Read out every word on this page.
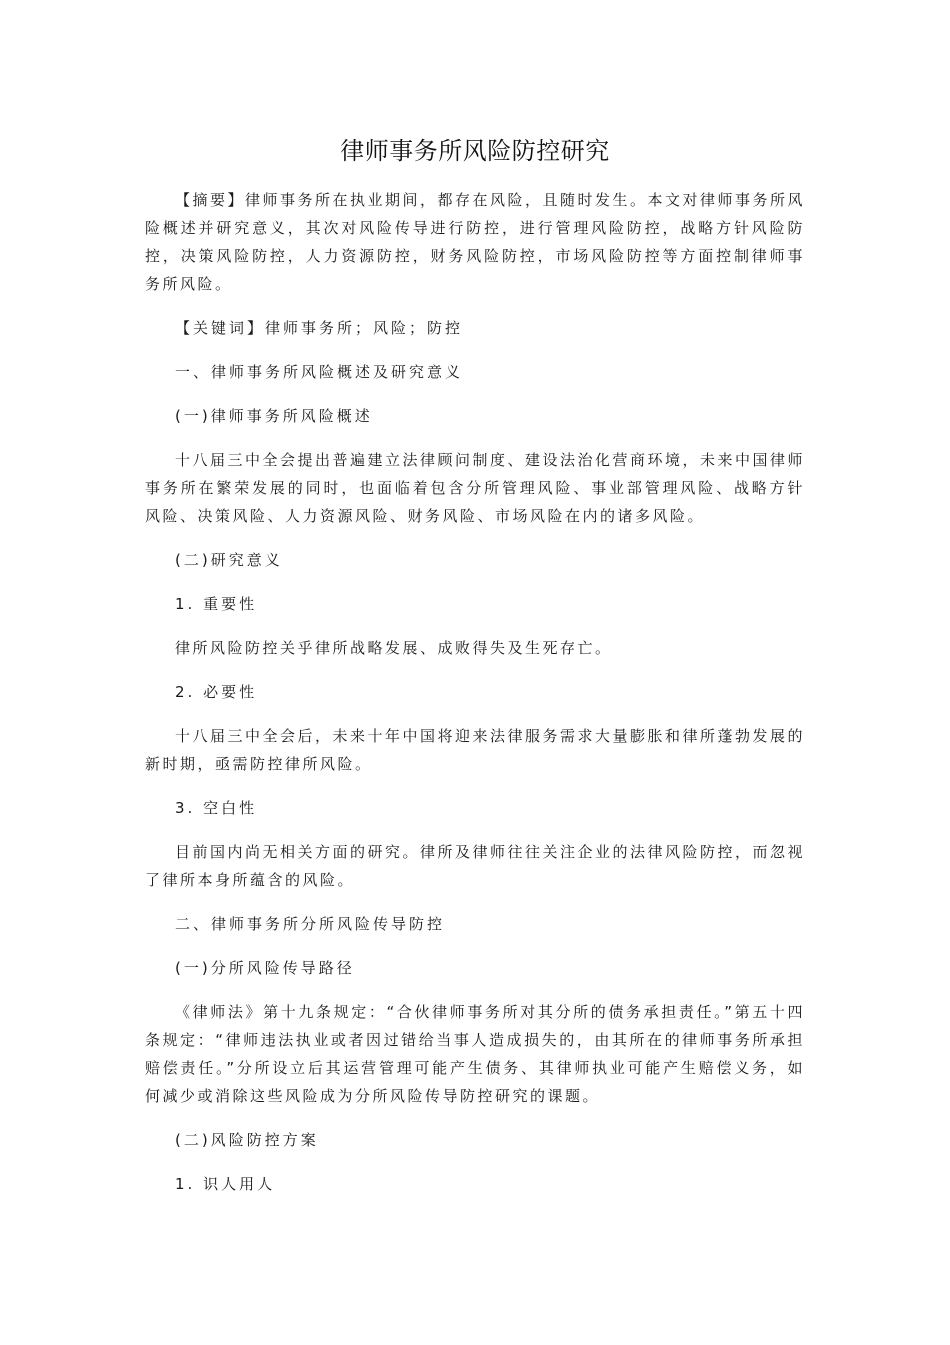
律师事务所风险防控研究

【摘要】律师事务所在执业期间，都存在风险，且随时发生。本文对律师事务所风险概述并研究意义，其次对风险传导进行防控，进行管理风险防控，战略方针风险防控，决策风险防控，人力资源防控，财务风险防控，市场风险防控等方面控制律师事务所风险。

【关键词】律师事务所；风险；防控

一、律师事务所风险概述及研究意义

(一)律师事务所风险概述

十八届三中全会提出普遍建立法律顾问制度、建设法治化营商环境，未来中国律师事务所在繁荣发展的同时，也面临着包含分所管理风险、事业部管理风险、战略方针风险、决策风险、人力资源风险、财务风险、市场风险在内的诸多风险。

(二)研究意义

1. 重要性

律所风险防控关乎律所战略发展、成败得失及生死存亡。

2. 必要性

十八届三中全会后，未来十年中国将迎来法律服务需求大量膨胀和律所蓬勃发展的新时期，亟需防控律所风险。

3. 空白性

目前国内尚无相关方面的研究。律所及律师往往关注企业的法律风险防控，而忽视了律所本身所蕴含的风险。

二、律师事务所分所风险传导防控

(一)分所风险传导路径

《律师法》第十九条规定：“合伙律师事务所对其分所的债务承担责任。”第五十四条规定：“律师违法执业或者因过错给当事人造成损失的，由其所在的律师事务所承担赔偿责任。”分所设立后其运营管理可能产生债务、其律师执业可能产生赔偿义务，如何减少或消除这些风险成为分所风险传导防控研究的课题。

(二)风险防控方案

1. 识人用人
